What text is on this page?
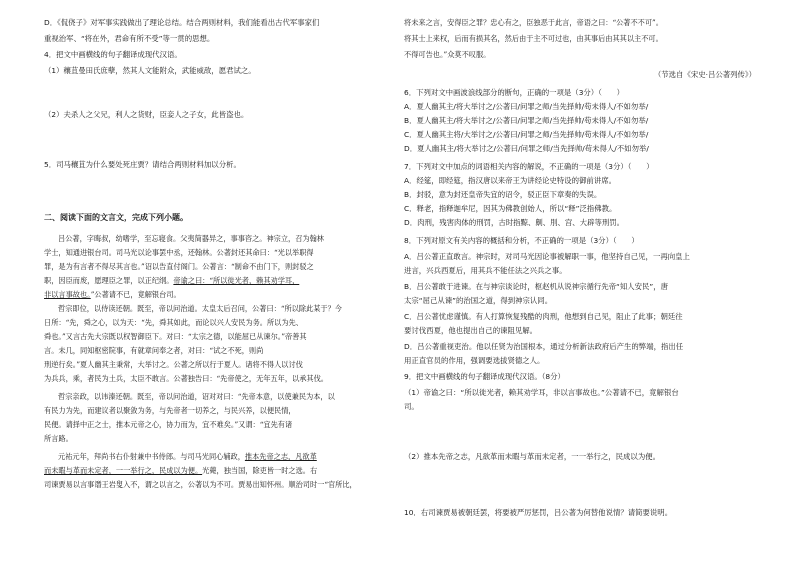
D．《侃侥子》对军事实践做出了理论总结。结合两则材料，我们能看出古代军事家们
重视治军、“将在外，君命有所不受”等一贯的思想。
4．把文中画横线的句子翻译成现代汉语。
（1）穰苴曼田氏庶孽，然其人文能附众，武能威敌，愿君试之。
（2）夫杀人之父兄，利人之货财，臣妾人之子女，此皆盗也。
5．司马穰苴为什么要处死庄贾？请结合两则材料加以分析。
二、阅读下面的文言文，完成下列小题。
吕公著，字晦叔，幼嗜学，至忘寝食。父夷简器异之，事事咨之。神宗立，召为翰林
学士，知通进银台司。司马光以论事罢中丞，还翰林。公著封还其命曰：“光以举职得
罪，是为有言者不得尽其言也。”诏以告直付阁门。公著言：“制命不由门下，则封驳之
职，因臣而废，愿理臣之罪，以正纪纲。帝谕之曰：“所以徙光者，赖其劝学耳，
非以言事故也。”公著请不已，竟解银台司。
哲宗即位，以侍读还朝。既至，帝以问治道。太皇太后召问，公著曰：“所以除此某于？今
日所：“先，舜之心，以为天：“先，舜其如此，而论以兴人安民为务。所以为先、
舜也。”又言古先大宗既以权智御臣下。对曰：“太宗之德，以能屈已从谏尔。”帝善其
言。未几，同知枢密院事，有就章问奉之者，对曰：“试之不死，则尚
刑逆行矣。”夏人幽其主秉常，大举讨之。公著之所以行于夏人。诸将不得人以讨伐
为兵兵，乘，者民为土兵，太臣不敢言。公著独告曰：“先帝使之，无年五年，以承其伐。
哲宗亲政，以讳溱还朝。既至，帝以问治道，诏对对曰：“先帝本意，以使兼民为本，以
有民力为先，而建议者以聚敛为务，与先帝者一切养之，与民兴养，以便民情，
民便。请择中正之士，推本元帝之心，协力而为，宜不难矣。”又谓：“宜先有诸
所言路。
元祐元年，拜尚书右仆射兼中书侍郎。与司马光同心辅政，推本先帝之志，凡欲革
而未暇与革而未定者，一一举行之，民成以为便。光薨，独当国，除吏皆一时之选。右
司谏贾易以言事谮王岩叟入不，谓之以言之，公著以为不可。贾易出知怀州。顺治司时一“官所比，
将未来之言，安得臣之罪？忠心有之，臣独恶于此言，帝语之曰：“公著不不可”。
将其士上来权，后而有损其名，然后由于主不可过也，由其事后由其其以主不可。
不得可告也。”众莫不叹服。
（节选自《宋史·吕公著列传》）
6．下列对文中画波浪线部分的断句，正确的一项是（3分）（　　）
A．夏人幽其主/将大举讨之/公著曰/问罪之师/当先择帅/苟未得人/不如勿举/
B．夏人幽其主/将大举讨之/公著曰/问罪之师/当先择帅/苟未得人/不如勿举/
C．夏人幽其主将/大举讨之/公著曰/问罪之师/当先择帅/苟未得人/不如勿举/
D．夏人幽其主/将大举讨之/公著曰/问罪之师/当先择帅/苟未得人/不如勿举/
7．下列对文中加点的词语相关内容的解说，不正确的一项是（3分）（　　）
A．经筵，即经筵，指汉唐以来帝王为讲经论史特设的御前讲席。
B．封驳，意为封还皇帝失宜的诏令，驳正臣下章奏的失误。
C．释老，指释迦牟尼，因其为佛教创始人，所以“释”泛指佛教。
D．肉刑，残害肉体的刑罚，古时指黥、劓、刖、宫、大辟等刑罚。
8．下列对原文有关内容的概括和分析，不正确的一项是（3分）（　　）
A．吕公著正直敢言。神宗时，对司马光因论事被解职一事，他坚持自己见，一再向皇上
进言，兴兵西夏后，用其兵不能任法之兴兵之事。
B．吕公著敢于进谏。在与神宗谈论时，枢赵机从说神宗循行先帝“知人安民”，唐
太宗“屈己从谏”的治国之道，得到神宗认同。
C．吕公著忧虑谨慎。有人打算恢复残酷的肉刑，他想到自己见，阻止了此事；朝廷往
要讨伐西夏，他也提出自己的谏阻见解。
D．吕公著重视吏治。他以任贤为治国根本，通过分析新法政府后产生的弊端，指出任
用正直官员的作用，强调要选拔贤德之人。
9．把文中画横线的句子翻译成现代汉语。（8分）
（1）帝谕之曰：“所以徙光者，赖其劝学耳，非以言事故也。”公著请不已，竟解银台
司。
（2）推本先帝之志，凡欲革而未暇与革而未定者，一一举行之，民成以为便。
10．右司谏贾易被朝廷罢，将要被严厉惩罚，吕公著为何替他说情？请简要说明。
